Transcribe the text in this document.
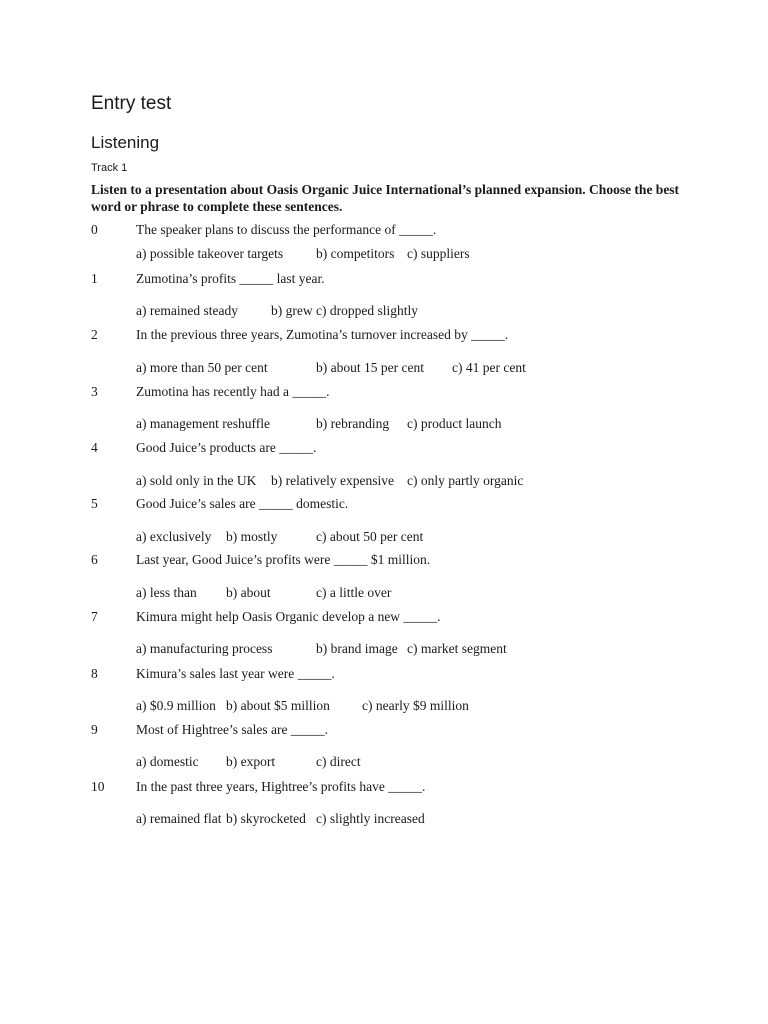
Entry test
Listening
Track 1
Listen to a presentation about Oasis Organic Juice International’s planned expansion. Choose the best word or phrase to complete these sentences.
0	The speaker plans to discuss the performance of _____.
a) possible takeover targets b) competitors c) suppliers
1	Zumotina’s profits _____ last year.
a) remained steady b) grew c) dropped slightly
2	In the previous three years, Zumotina’s turnover increased by _____.
a) more than 50 per cent	b) about 15 per cent c) 41 per cent
3	Zumotina has recently had a _____.
a) management reshuffle	b) rebranding c) product launch
4	Good Juice’s products are _____.
a) sold only in the UK b) relatively expensive c) only partly organic
5	Good Juice’s sales are _____ domestic.
a) exclusively b) mostly	c) about 50 per cent
6	Last year, Good Juice’s profits were _____ $1 million.
a) less than b) about	c) a little over
7	Kimura might help Oasis Organic develop a new _____.
a) manufacturing process	b) brand image c) market segment
8	Kimura’s sales last year were _____.
a) $0.9 million b) about $5 million c) nearly $9 million
9	Most of Hightree’s sales are _____.
a) domestic b) export	c) direct
10 In the past three years, Hightree’s profits have _____.
a) remained flat b) skyrocketed c) slightly increased
